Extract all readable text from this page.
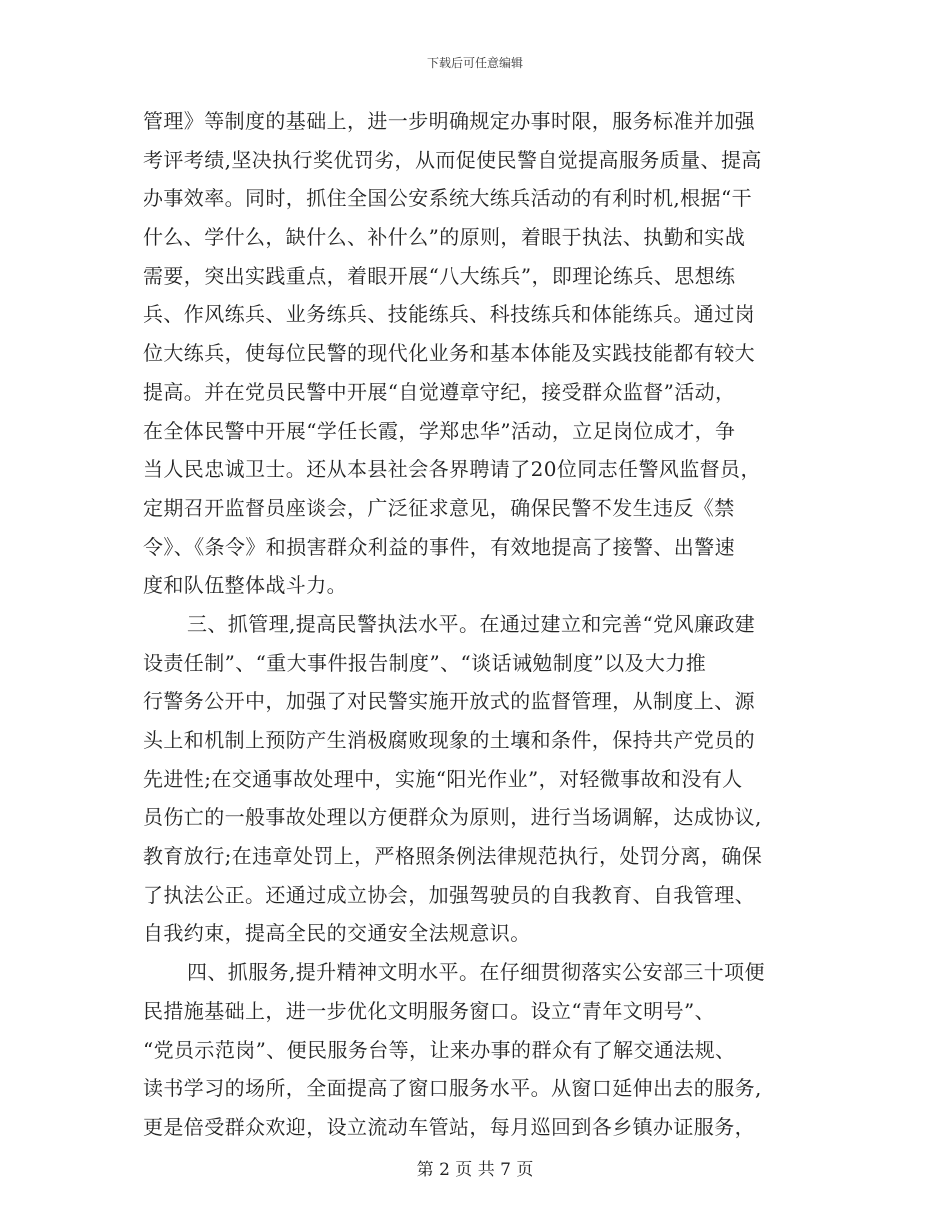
下载后可任意编辑
管理》等制度的基础上，进一步明确规定办事时限，服务标准并加强
考评考绩,坚决执行奖优罚劣，从而促使民警自觉提高服务质量、提高
办事效率。同时，抓住全国公安系统大练兵活动的有利时机,根据“干
什么、学什么，缺什么、补什么”的原则，着眼于执法、执勤和实战
需要，突出实践重点，着眼开展“八大练兵”，即理论练兵、思想练
兵、作风练兵、业务练兵、技能练兵、科技练兵和体能练兵。通过岗
位大练兵，使每位民警的现代化业务和基本体能及实践技能都有较大
提高。并在党员民警中开展“自觉遵章守纪，接受群众监督”活动，
在全体民警中开展“学任长霞，学郑忠华”活动，立足岗位成才，争
当人民忠诚卫士。还从本县社会各界聘请了20位同志任警风监督员，
定期召开监督员座谈会，广泛征求意见，确保民警不发生违反《禁
令》、《条令》和损害群众利益的事件，有效地提高了接警、出警速
度和队伍整体战斗力。
三、抓管理,提高民警执法水平。在通过建立和完善“党风廉政建
设责任制”、“重大事件报告制度”、“谈话诫勉制度”以及大力推
行警务公开中，加强了对民警实施开放式的监督管理，从制度上、源
头上和机制上预防产生消极腐败现象的土壤和条件，保持共产党员的
先进性;在交通事故处理中，实施“阳光作业”，对轻微事故和没有人
员伤亡的一般事故处理以方便群众为原则，进行当场调解，达成协议,
教育放行;在违章处罚上，严格照条例法律规范执行，处罚分离，确保
了执法公正。还通过成立协会，加强驾驶员的自我教育、自我管理、
自我约束，提高全民的交通安全法规意识。
四、抓服务,提升精神文明水平。在仔细贯彻落实公安部三十项便
民措施基础上，进一步优化文明服务窗口。设立“青年文明号”、
“党员示范岗”、便民服务台等，让来办事的群众有了解交通法规、
读书学习的场所，全面提高了窗口服务水平。从窗口延伸出去的服务,
更是倍受群众欢迎，设立流动车管站，每月巡回到各乡镇办证服务，
第 2 页 共 7 页
